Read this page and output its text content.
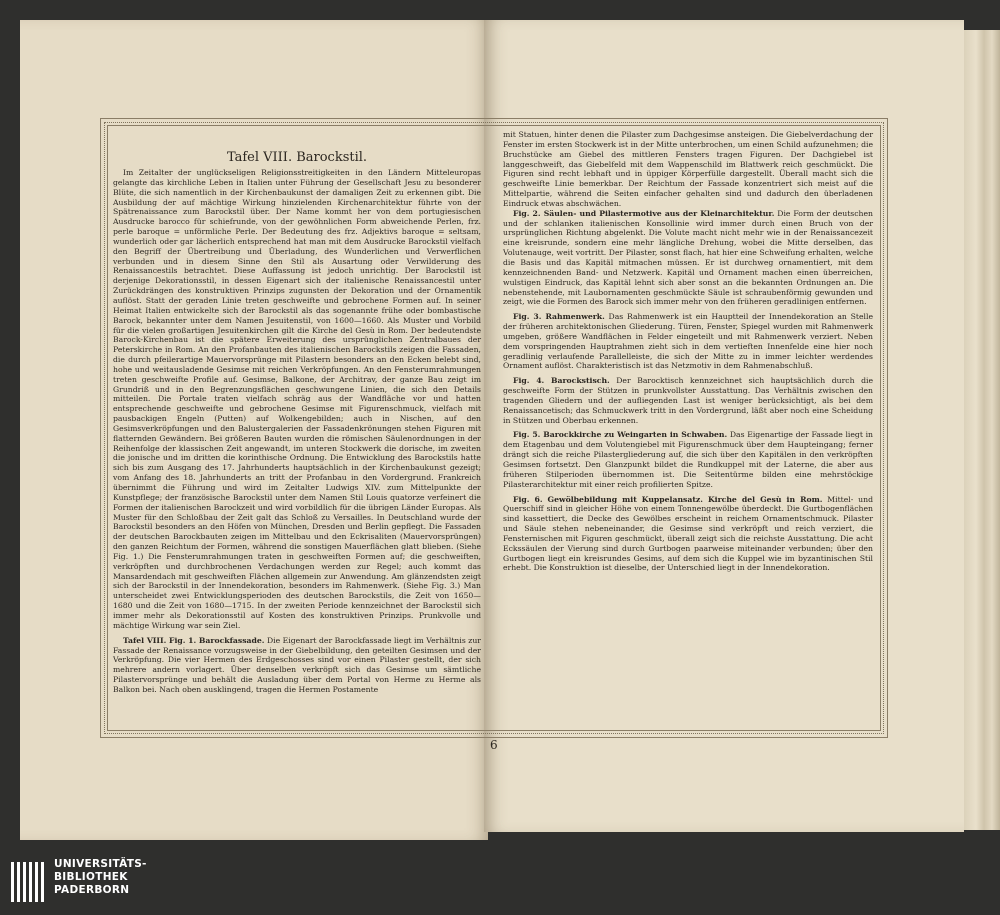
Tafel VIII. Barockstil.

Im Zeitalter der unglückseligen Religionsstreitigkeiten in den Ländern Mitteleuropas gelangte das kirchliche Leben in Italien unter Führung der Gesellschaft Jesu zu besonderer Blüte, die sich namentlich in der Kirchenbaukunst der damaligen Zeit zu erkennen gibt. Die Ausbildung der auf mächtige Wirkung hinzielenden Kirchenarchitektur führte von der Spätrenaissance zum Barockstil über. Der Name kommt her von dem portugiesischen Ausdrucke barocco für schiefrunde, von der gewöhnlichen Form abweichende Perlen, frz. perle baroque = unförmliche Perle. Der Bedeutung des frz. Adjektivs baroque = seltsam, wunderlich oder gar lächerlich entsprechend hat man mit dem Ausdrucke Barockstil vielfach den Begriff der Übertreibung und Überladung, des Wunderlichen und Verwerflichen verbunden und in diesem Sinne den Stil als Ausartung oder Verwilderung des Renaissancestils betrachtet. Diese Auffassung ist jedoch unrichtig. Der Barockstil ist derjenige Dekorationsstil, in dessen Eigenart sich der italienische Renaissancestil unter Zurückdrängen des konstruktiven Prinzips zugunsten der Dekoration und der Ornamentik auflöst. Statt der geraden Linie treten geschweifte und gebrochene Formen auf. In seiner Heimat Italien entwickelte sich der Barockstil als das sogenannte frühe oder bombastische Barock, bekannter unter dem Namen Jesuitenstil, von 1600—1660. Als Muster und Vorbild für die vielen großartigen Jesuitenkirchen gilt die Kirche del Gesù in Rom. Der bedeutendste Barock-Kirchenbau ist die spätere Erweiterung des ursprünglichen Zentralbaues der Peterskirche in Rom. An den Profanbauten des italienischen Barockstils zeigen die Fassaden, die durch pfeilerartige Mauervorsprünge mit Pilastern besonders an den Ecken belebt sind, hohe und weitausladende Gesimse mit reichen Verkröpfungen. An den Fensterumrahmungen treten geschweifte Profile auf. Gesimse, Balkone, der Architrav, der ganze Bau zeigt im Grundriß und in den Begrenzungsflächen geschwungene Linien, die sich den Details mitteilen. Die Portale traten vielfach schräg aus der Wandfläche vor und hatten entsprechende geschweifte und gebrochene Gesimse mit Figurenschmuck, vielfach mit pausbackigen Engeln (Putten) auf Wolkengebilden; auch in Nischen, auf den Gesimsverkröpfungen und den Balustergalerien der Fassadenkrönungen stehen Figuren mit flatternden Gewändern. Bei größeren Bauten wurden die römischen Säulenordnungen in der Reihenfolge der klassischen Zeit angewandt, im unteren Stockwerk die dorische, im zweiten die jonische und im dritten die korinthische Ordnung. Die Entwicklung des Barockstils hatte sich bis zum Ausgang des 17. Jahrhunderts hauptsächlich in der Kirchenbaukunst gezeigt; vom Anfang des 18. Jahrhunderts an tritt der Profanbau in den Vordergrund. Frankreich übernimmt die Führung und wird im Zeitalter Ludwigs XIV. zum Mittelpunkte der Kunstpflege; der französische Barockstil unter dem Namen Stil Louis quatorze verfeinert die Formen der italienischen Barockzeit und wird vorbildlich für die übrigen Länder Europas. Als Muster für den Schloßbau der Zeit galt das Schloß zu Versailles. In Deutschland wurde der Barockstil besonders an den Höfen von München, Dresden und Berlin gepflegt. Die Fassaden der deutschen Barockbauten zeigen im Mittelbau und den Eckrisaliten (Mauervorsprüngen) den ganzen Reichtum der Formen, während die sonstigen Mauerflächen glatt blieben. (Siehe Fig. 1.) Die Fensterumrahmungen traten in geschweiften Formen auf; die geschweiften, verkröpften und durchbrochenen Verdachungen werden zur Regel; auch kommt das Mansardendach mit geschweiften Flächen allgemein zur Anwendung. Am glänzendsten zeigt sich der Barockstil in der Innendekoration, besonders im Rahmenwerk. (Siehe Fig. 3.) Man unterscheidet zwei Entwicklungsperioden des deutschen Barockstils, die Zeit von 1650—1680 und die Zeit von 1680—1715. In der zweiten Periode kennzeichnet der Barockstil sich immer mehr als Dekorationsstil auf Kosten des konstruktiven Prinzips. Prunkvolle und mächtige Wirkung war sein Ziel.

Tafel VIII. Fig. 1. Barockfassade. Die Eigenart der Barockfassade liegt im Verhältnis zur Fassade der Renaissance vorzugsweise in der Giebelbildung, den geteilten Gesimsen und der Verkröpfung. Die vier Hermen des Erdgeschosses sind vor einen Pilaster gestellt, der sich mehrere andern vorlagert. Über denselben verkröpft sich das Gesimse um sämtliche Pilastervorsprünge und behält die Ausladung über dem Portal von Herme zu Herme als Balkon bei. Nach oben ausklingend, tragen die Hermen Postamente

mit Statuen, hinter denen die Pilaster zum Dachgesimse ansteigen. Die Giebelverdachung der Fenster im ersten Stockwerk ist in der Mitte unterbrochen, um einen Schild aufzunehmen; die Bruchstücke am Giebel des mittleren Fensters tragen Figuren. Der Dachgiebel ist langgeschweift, das Giebelfeld mit dem Wappenschild im Blattwerk reich geschmückt. Die Figuren sind recht lebhaft und in üppiger Körperfülle dargestellt. Überall macht sich die geschweifte Linie bemerkbar. Der Reichtum der Fassade konzentriert sich meist auf die Mittelpartie, während die Seiten einfacher gehalten sind und dadurch den überladenen Eindruck etwas abschwächen.

Fig. 2. Säulen- und Pilastermotive aus der Kleinarchitektur. Die Form der deutschen und der schlanken italienischen Konsollinie wird immer durch einen Bruch von der ursprünglichen Richtung abgelenkt. Die Volute macht nicht mehr wie in der Renaissancezeit eine kreisrunde, sondern eine mehr längliche Drehung, wobei die Mitte derselben, das Volutenauge, weit vortritt. Der Pilaster, sonst flach, hat hier eine Schweifung erhalten, welche die Basis und das Kapitäl mitmachen müssen. Er ist durchweg ornamentiert, mit dem kennzeichnenden Band- und Netzwerk. Kapitäl und Ornament machen einen überreichen, wulstigen Eindruck, das Kapitäl lehnt sich aber sonst an die bekannten Ordnungen an. Die nebenstehende, mit Laubornamenten geschmückte Säule ist schraubenförmig gewunden und zeigt, wie die Formen des Barock sich immer mehr von den früheren geradlinigen entfernen.

Fig. 3. Rahmenwerk. Das Rahmenwerk ist ein Hauptteil der Innendekoration an Stelle der früheren architektonischen Gliederung. Türen, Fenster, Spiegel wurden mit Rahmenwerk umgeben, größere Wandflächen in Felder eingeteilt und mit Rahmenwerk verziert. Neben dem vorspringenden Hauptrahmen zieht sich in dem vertieften Innenfelde eine hier noch geradlinig verlaufende Parallelleiste, die sich der Mitte zu in immer leichter werdendes Ornament auflöst. Charakteristisch ist das Netzmotiv in dem Rahmenabschluß.

Fig. 4. Barockstisch. Der Barocktisch kennzeichnet sich hauptsächlich durch die geschweifte Form der Stützen in prunkvollster Ausstattung. Das Verhältnis zwischen den tragenden Gliedern und der aufliegenden Last ist weniger berücksichtigt, als bei dem Renaissancetisch; das Schmuckwerk tritt in den Vordergrund, läßt aber noch eine Scheidung in Stützen und Oberbau erkennen.

Fig. 5. Barockkirche zu Weingarten in Schwaben. Das Eigenartige der Fassade liegt in dem Etagenbau und dem Volutengiebel mit Figurenschmuck über dem Haupteingang; ferner drängt sich die reiche Pilastergliederung auf, die sich über den Kapitälen in den verkröpften Gesimsen fortsetzt. Den Glanzpunkt bildet die Rundkuppel mit der Laterne, die aber aus früheren Stilperioden übernommen ist. Die Seitentürme bilden eine mehrstöckige Pilasterarchitektur mit einer reich profilierten Spitze.

Fig. 6. Gewölbebildung mit Kuppelansatz. Kirche del Gesù in Rom. Mittel- und Querschiff sind in gleicher Höhe von einem Tonnengewölbe überdeckt. Die Gurtbogenflächen sind kassettiert, die Decke des Gewölbes erscheint in reichem Ornamentschmuck. Pilaster und Säule stehen nebeneinander, die Gesimse sind verkröpft und reich verziert, die Fensternischen mit Figuren geschmückt, überall zeigt sich die reichste Ausstattung. Die acht Eckssäulen der Vierung sind durch Gurtbogen paarweise miteinander verbunden; über den Gurtbogen liegt ein kreisrundes Gesims, auf dem sich die Kuppel wie im byzantinischen Stil erhebt. Die Konstruktion ist dieselbe, der Unterschied liegt in der Innendekoration.

6
UNIVERSITÄTS-
BIBLIOTHEK
PADERBORN
